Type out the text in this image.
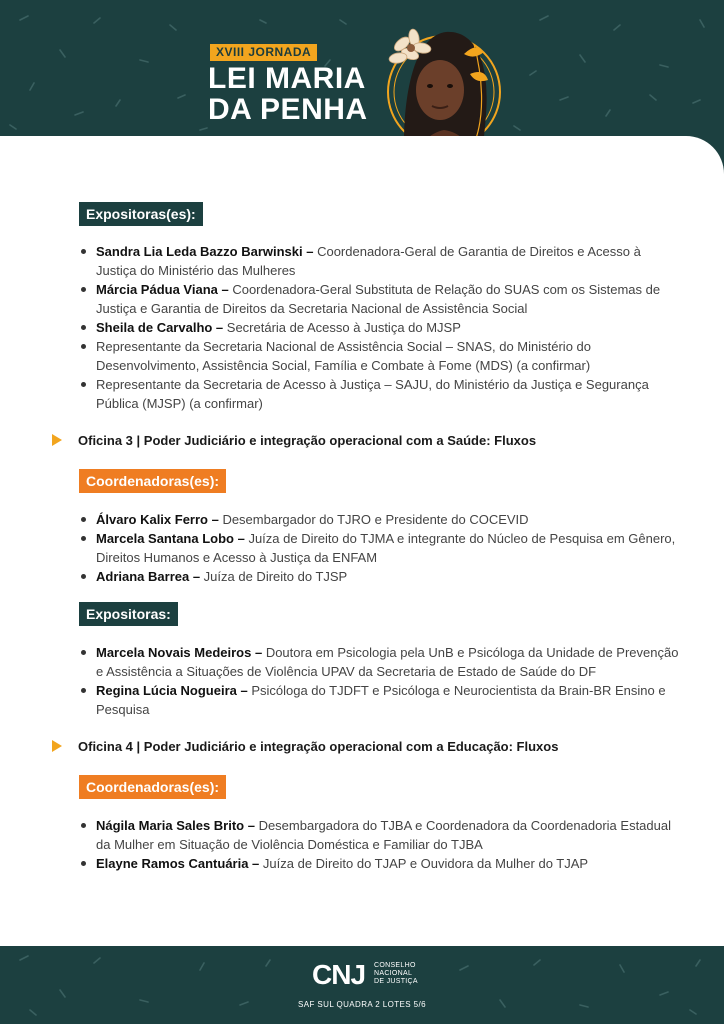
XVIII JORNADA
LEI MARIA
DA PENHA
Expositoras(es):
Sandra Lia Leda Bazzo Barwinski – Coordenadora-Geral de Garantia de Direitos e Acesso à Justiça do Ministério das Mulheres
Márcia Pádua Viana – Coordenadora-Geral Substituta de Relação do SUAS com os Sistemas de Justiça e Garantia de Direitos da Secretaria Nacional de Assistência Social
Sheila de Carvalho – Secretária de Acesso à Justiça do MJSP
Representante da Secretaria Nacional de Assistência Social – SNAS, do Ministério do Desenvolvimento, Assistência Social, Família e Combate à Fome (MDS) (a confirmar)
Representante da Secretaria de Acesso à Justiça – SAJU, do Ministério da Justiça e Segurança Pública (MJSP) (a confirmar)
Oficina 3 | Poder Judiciário e integração operacional com a Saúde: Fluxos
Coordenadoras(es):
Álvaro Kalix Ferro – Desembargador do TJRO e Presidente do COCEVID
Marcela Santana Lobo – Juíza de Direito do TJMA e integrante do Núcleo de Pesquisa em Gênero, Direitos Humanos e Acesso à Justiça da ENFAM
Adriana Barrea – Juíza de Direito do TJSP
Expositoras:
Marcela Novais Medeiros – Doutora em Psicologia pela UnB e Psicóloga da Unidade de Prevenção e Assistência a Situações de Violência UPAV da Secretaria de Estado de Saúde do DF
Regina Lúcia Nogueira – Psicóloga do TJDFT e Psicóloga e Neurocientista da Brain-BR Ensino e Pesquisa
Oficina 4 | Poder Judiciário e integração operacional com a Educação: Fluxos
Coordenadoras(es):
Nágila Maria Sales Brito – Desembargadora do TJBA e Coordenadora da Coordenadoria Estadual da Mulher em Situação de Violência Doméstica e Familiar do TJBA
Elayne Ramos Cantuária – Juíza de Direito do TJAP e Ouvidora da Mulher do TJAP
CNJ CONSELHO
NACIONAL
DE JUSTIÇA
SAF SUL QUADRA 2 LOTES 5/6
